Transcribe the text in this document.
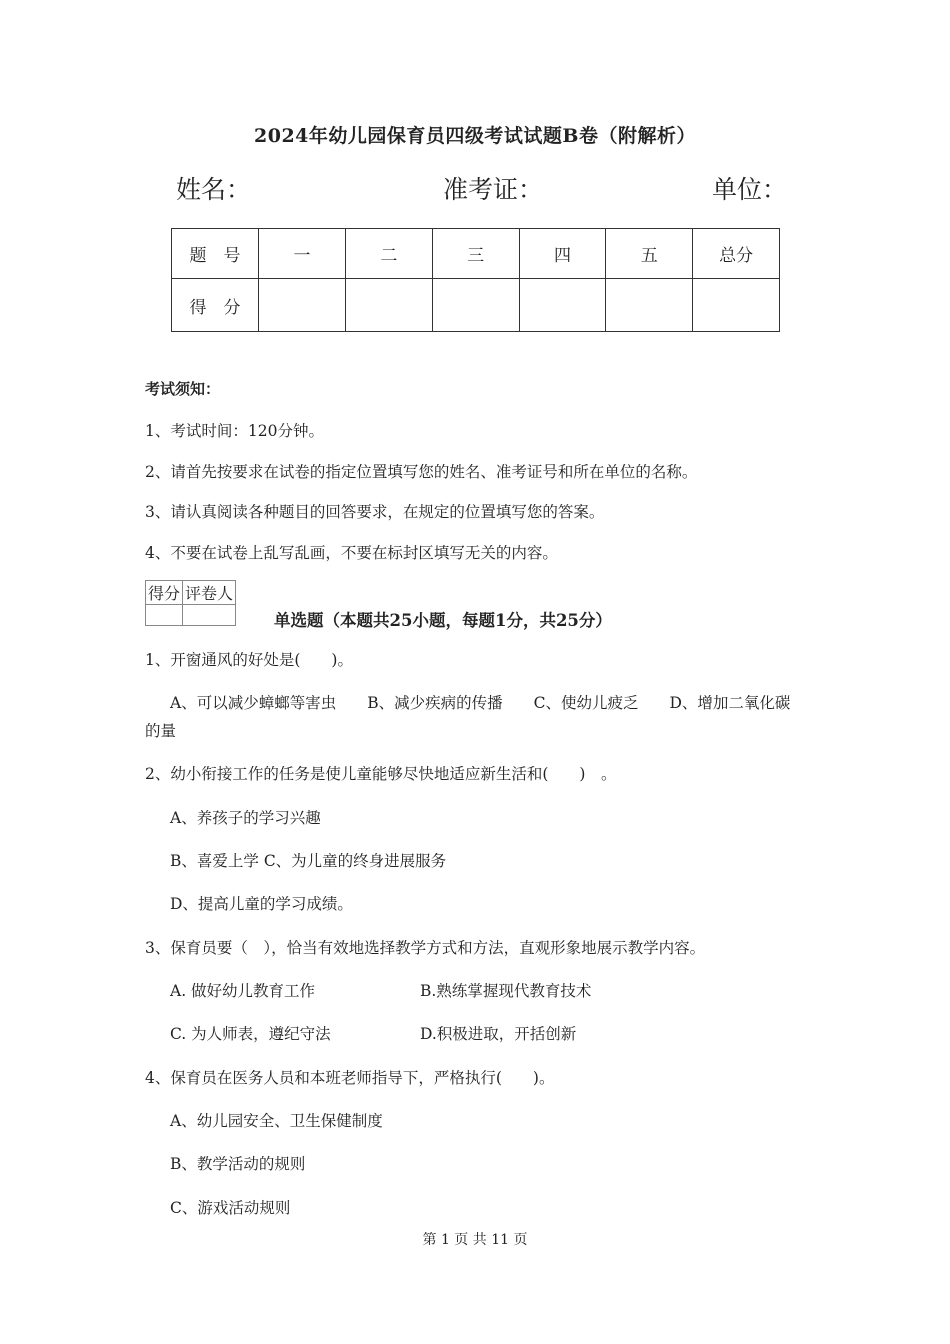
2024年幼儿园保育员四级考试试题B卷（附解析）
姓名：	准考证：	单位：
题　号	一	二	三	四	五	总分
得　分						
考试须知：
1、考试时间：120分钟。
2、请首先按要求在试卷的指定位置填写您的姓名、准考证号和所在单位的名称。
3、请认真阅读各种题目的回答要求，在规定的位置填写您的答案。
4、不要在试卷上乱写乱画，不要在标封区填写无关的内容。
得分	评卷人

单选题（本题共25小题，每题1分，共25分）
1、开窗通风的好处是(　　)。
A、可以减少蟑螂等害虫　　B、减少疾病的传播　　C、使幼儿疲乏　　D、增加二氧化碳
的量
2、幼小衔接工作的任务是使儿童能够尽快地适应新生活和(　　)　。
A、养孩子的学习兴趣
B、喜爱上学 C、为儿童的终身进展服务
D、提高儿童的学习成绩。
3、保育员要（　），恰当有效地选择教学方式和方法，直观形象地展示教学内容。
A. 做好幼儿教育工作	B.熟练掌握现代教育技术
C. 为人师表，遵纪守法	D.积极进取，开括创新
4、保育员在医务人员和本班老师指导下，严格执行(　　)。
A、幼儿园安全、卫生保健制度
B、教学活动的规则
C、游戏活动规则
第 1 页 共 11 页
